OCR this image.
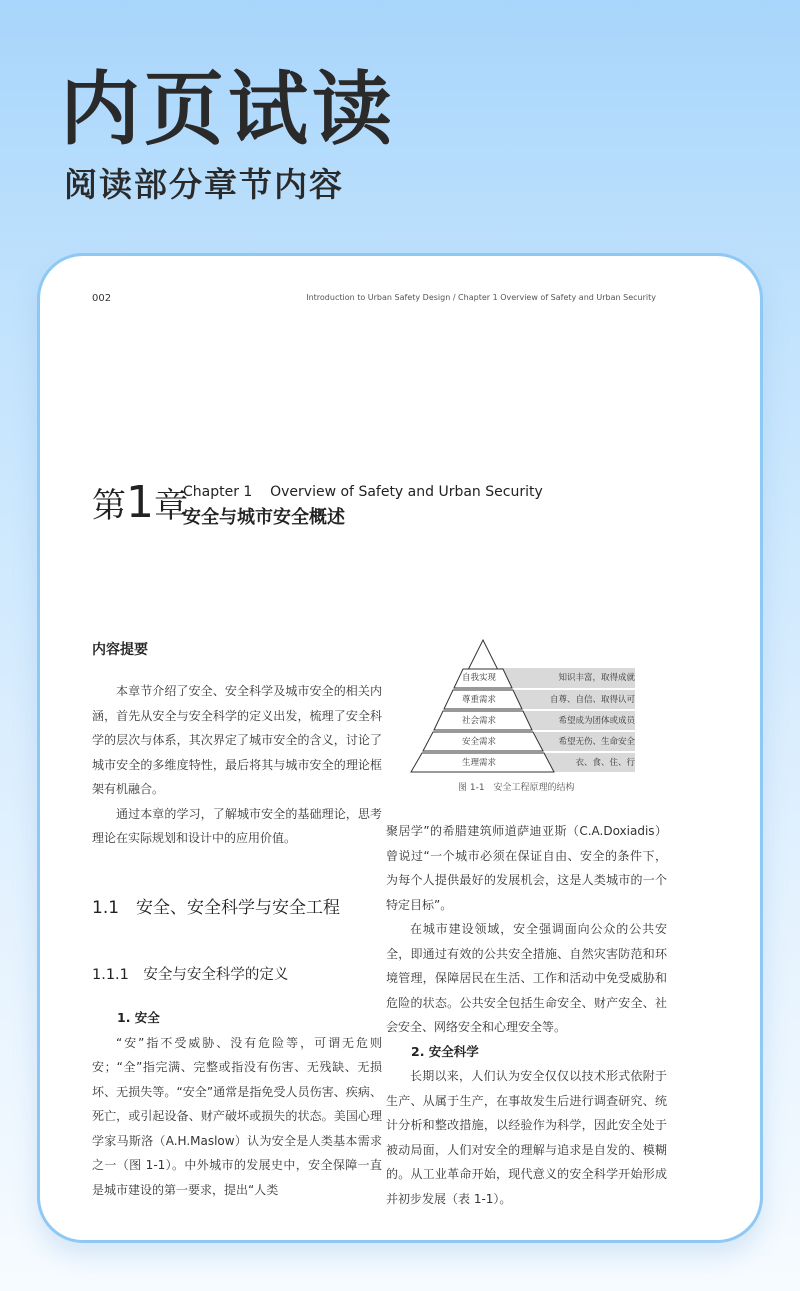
内页试读
阅读部分章节内容
002	Introduction to Urban Safety Design / Chapter 1 Overview of Safety and Urban Security
第1章
Chapter 1    Overview of Safety and Urban Security
安全与城市安全概述
内容提要

本章节介绍了安全、安全科学及城市安全的相关内涵，首先从安全与安全科学的定义出发，梳理了安全科学的层次与体系，其次界定了城市安全的含义，讨论了城市安全的多维度特性，最后将其与城市安全的理论框架有机融合。

通过本章的学习，了解城市安全的基础理论，思考理论在实际规划和设计中的应用价值。

1.1　安全、安全科学与安全工程
1.1.1　安全与安全科学的定义
1. 安全

“安”指不受威胁、没有危险等，可谓无危则安；“全”指完满、完整或指没有伤害、无残缺、无损坏、无损失等。“安全”通常是指免受人员伤害、疾病、死亡，或引起设备、财产破坏或损失的状态。美国心理学家马斯洛（A.H.Maslow）认为安全是人类基本需求之一（图 1-1）。中外城市的发展史中，安全保障一直是城市建设的第一要求，提出“人类

自我实现
尊重需求
社会需求
安全需求
生理需求
知识丰富，取得成就
自尊、自信、取得认可
希望成为团体或成员
希望无伤、生命安全
衣、食、住、行
图 1-1　安全工程原理的结构
聚居学”的希腊建筑师道萨迪亚斯（C.A.Doxiadis）曾说过“一个城市必须在保证自由、安全的条件下，为每个人提供最好的发展机会，这是人类城市的一个特定目标”。

在城市建设领域，安全强调面向公众的公共安全，即通过有效的公共安全措施、自然灾害防范和环境管理，保障居民在生活、工作和活动中免受威胁和危险的状态。公共安全包括生命安全、财产安全、社会安全、网络安全和心理安全等。

2. 安全科学

长期以来，人们认为安全仅仅以技术形式依附于生产、从属于生产，在事故发生后进行调查研究、统计分析和整改措施，以经验作为科学，因此安全处于被动局面，人们对安全的理解与追求是自发的、模糊的。从工业革命开始，现代意义的安全科学开始形成并初步发展（表 1-1）。
